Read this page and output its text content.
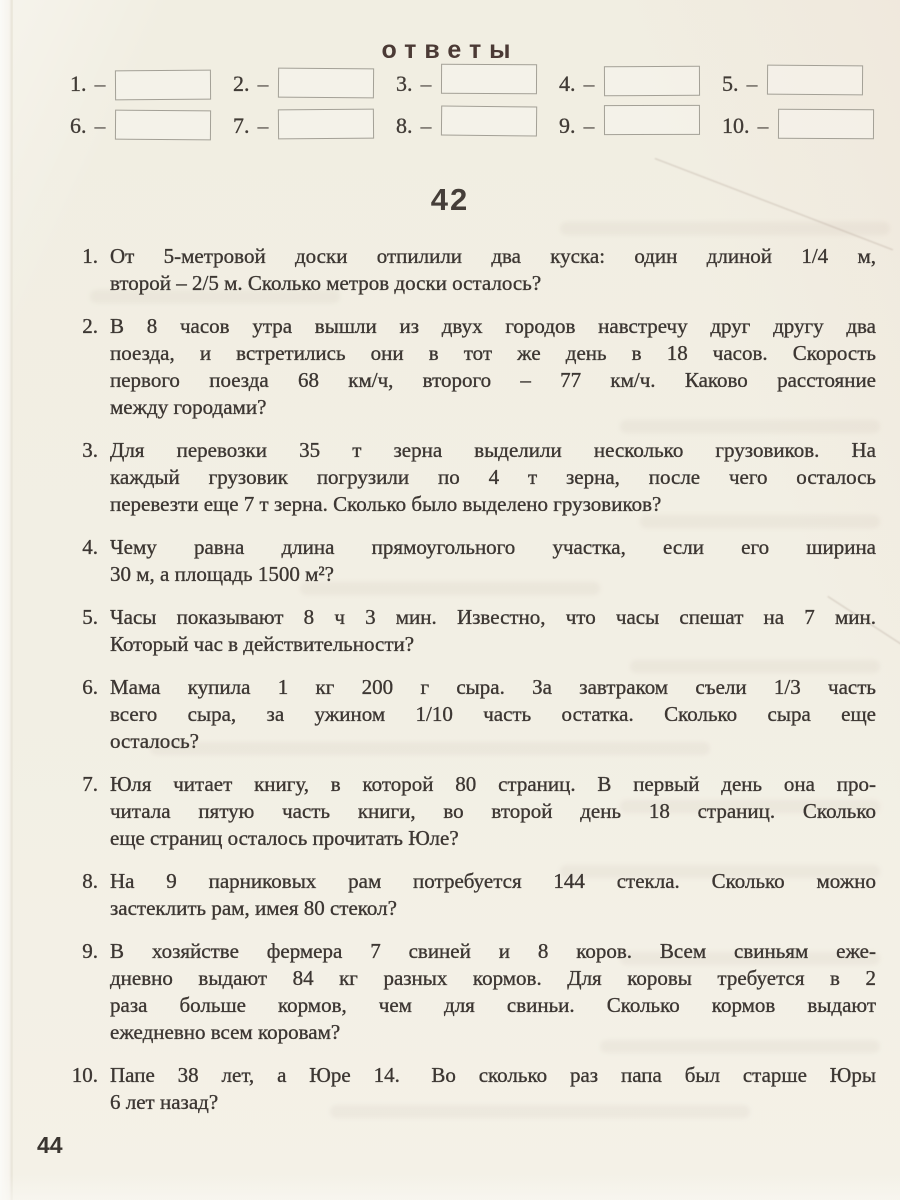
ответы
1. –	2. –	3. –	4. –	5. –
6. –	7. –	8. –	9. –	10. –
42
1. От 5-метровой доски отпилили два куска: один длиной 1/4 м,
второй – 2/5 м. Сколько метров доски осталось?
2. В 8 часов утра вышли из двух городов навстречу друг другу два
поезда, и встретились они в тот же день в 18 часов. Скорость
первого поезда 68 км/ч, второго – 77 км/ч. Каково расстояние
между городами?
3. Для перевозки 35 т зерна выделили несколько грузовиков. На
каждый грузовик погрузили по 4 т зерна, после чего осталось
перевезти еще 7 т зерна. Сколько было выделено грузовиков?
4. Чему равна длина прямоугольного участка, если его ширина
30 м, а площадь 1500 м²?
5. Часы показывают 8 ч 3 мин. Известно, что часы спешат на 7 мин.
Который час в действительности?
6. Мама купила 1 кг 200 г сыра. За завтраком съели 1/3 часть
всего сыра, за ужином 1/10 часть остатка. Сколько сыра еще
осталось?
7. Юля читает книгу, в которой 80 страниц. В первый день она про-
читала пятую часть книги, во второй день 18 страниц. Сколько
еще страниц осталось прочитать Юле?
8. На 9 парниковых рам потребуется 144 стекла. Сколько можно
застеклить рам, имея 80 стекол?
9. В хозяйстве фермера 7 свиней и 8 коров. Всем свиньям еже-
дневно выдают 84 кг разных кормов. Для коровы требуется в 2
раза больше кормов, чем для свиньи. Сколько кормов выдают
ежедневно всем коровам?
10. Папе 38 лет, а Юре 14.  Во сколько раз папа был старше Юры
6 лет назад?
44
